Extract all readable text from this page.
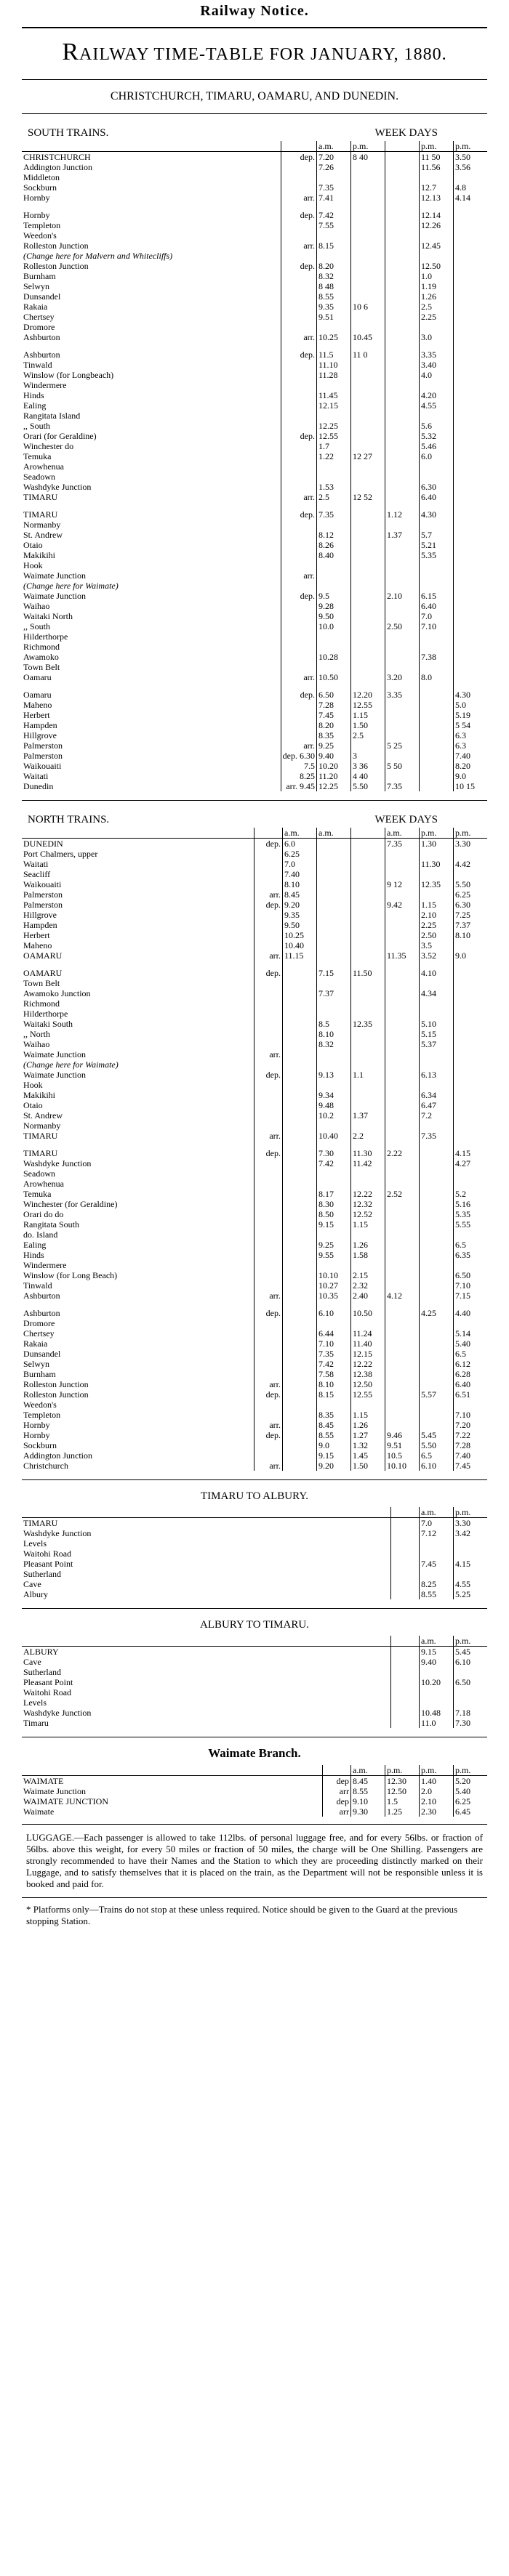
Railway Notice.
RAILWAY TIME-TABLE FOR JANUARY, 1880.
CHRISTCHURCH, TIMARU, OAMARU, AND DUNEDIN.
SOUTH TRAINS.	WEEK DAYS
		a.m.	p.m.		p.m.	p.m.
CHRISTCHURCH	dep.	7.20	8 40		11 50	3.50
Addington Junction		7.26			11.56	3.56
Middleton						
Sockburn		7.35			12.7	4.8
Hornby	arr.	7.41			12.13	4.14

Hornby	dep.	7.42			12.14	
Templeton		7.55			12.26	
Weedon's						
Rolleston Junction	arr.	8.15			12.45	
(Change here for Malvern and Whitecliffs)						
Rolleston Junction	dep.	8.20			12.50	
Burnham		8.32			1.0	
Selwyn		8 48			1.19	
Dunsandel		8.55			1.26	
Rakaia		9.35	10 6		2.5	
Chertsey		9.51			2.25	
Dromore						
Ashburton	arr.	10.25	10.45		3.0	

Ashburton	dep.	11.5	11 0		3.35	
Tinwald		11.10			3.40	
Winslow (for Longbeach)		11.28			4.0	
Windermere						
Hinds		11.45			4.20	
Ealing		12.15			4.55	
Rangitata Island						
,, South		12.25			5.6	
Orari (for Geraldine)	dep.	12.55			5.32	
Winchester do		1.7			5.46	
Temuka		1.22	12 27		6.0	
Arowhenua						
Seadown						
Washdyke Junction		1.53			6.30	
TIMARU	arr.	2.5	12 52		6.40	

TIMARU	dep.	7.35		1.12	4.30	
Normanby						
St. Andrew		8.12		1.37	5.7	
Otaio		8.26			5.21	
Makikihi		8.40			5.35	
Hook						
Waimate Junction	arr.					
(Change here for Waimate)						
Waimate Junction	dep.	9.5		2.10	6.15	
Waihao		9.28			6.40	
Waitaki North		9.50			7.0	
,, South		10.0		2.50	7.10	
Hilderthorpe						
Richmond						
Awamoko		10.28			7.38	
Town Belt						
Oamaru	arr.	10.50		3.20	8.0	

Oamaru	dep.	6.50	12.20	3.35		4.30
Maheno		7.28	12.55			5.0
Herbert		7.45	1.15			5.19
Hampden		8.20	1.50			5 54
Hillgrove		8.35	2.5			6.3
Palmerston	arr.	9.25		5 25		6.3
Palmerston	dep. 6.30	9.40	3			7.40
Waikouaiti	7.5	10.20	3 36	5 50		8.20
Waitati	8.25	11.20	4 40			9.0
Dunedin	arr. 9.45	12.25	5.50	7.35		10 15
NORTH TRAINS.	WEEK DAYS
		a.m.	a.m.		a.m.	p.m.	p.m.
DUNEDIN	dep.	6.0			7.35	1.30	3.30
Port Chalmers, upper		6.25					
Waitati		7.0				11.30	4.42
Seacliff		7.40					
Waikouaiti		8.10			9 12	12.35	5.50
Palmerston	arr.	8.45					6.25
Palmerston	dep.	9.20			9.42	1.15	6.30
Hillgrove		9.35				2.10	7.25
Hampden		9.50				2.25	7.37
Herbert		10.25				2.50	8.10
Maheno		10.40				3.5	
OAMARU	arr.	11.15			11.35	3.52	9.0

OAMARU	dep.		7.15	11.50		4.10	
Town Belt							
Awamoko Junction			7.37			4.34	
Richmond							
Hilderthorpe							
Waitaki South			8.5	12.35		5.10	
,, North			8.10			5.15	
Waihao			8.32			5.37	
Waimate Junction	arr.						
(Change here for Waimate)							
Waimate Junction	dep.		9.13	1.1		6.13	
Hook							
Makikihi			9.34			6.34	
Otaio			9.48			6.47	
St. Andrew			10.2	1.37		7.2	
Normanby							
TIMARU	arr.		10.40	2.2		7.35	

TIMARU	dep.		7.30	11.30	2.22		4.15
Washdyke Junction			7.42	11.42			4.27
Seadown							
Arowhenua							
Temuka			8.17	12.22	2.52		5.2
Winchester (for Geraldine)			8.30	12.32			5.16
Orari do do			8.50	12.52			5.35
Rangitata South			9.15	1.15			5.55
do. Island							
Ealing			9.25	1.26			6.5
Hinds			9.55	1.58			6.35
Windermere							
Winslow (for Long Beach)			10.10	2.15			6.50
Tinwald			10.27	2.32			7.10
Ashburton	arr.		10.35	2.40	4.12		7.15

Ashburton	dep.		6.10	10.50		4.25	4.40
Dromore							
Chertsey			6.44	11.24			5.14
Rakaia			7.10	11.40			5.40
Dunsandel			7.35	12.15			6.5
Selwyn			7.42	12.22			6.12
Burnham			7.58	12.38			6.28
Rolleston Junction	arr.		8.10	12.50			6.40
Rolleston Junction	dep.		8.15	12.55		5.57	6.51
Weedon's							
Templeton			8.35	1.15			7.10
Hornby	arr.		8.45	1.26			7.20
Hornby	dep.		8.55	1.27	9.46	5.45	7.22
Sockburn			9.0	1.32	9.51	5.50	7.28
Addington Junction			9.15	1.45	10.5	6.5	7.40
Christchurch	arr.		9.20	1.50	10.10	6.10	7.45
TIMARU TO ALBURY.
		a.m.	p.m.
TIMARU		7.0	3.30
Washdyke Junction		7.12	3.42
Levels			
Waitohi Road			
Pleasant Point		7.45	4.15
Sutherland			
Cave		8.25	4.55
Albury		8.55	5.25
ALBURY TO TIMARU.
		a.m.	p.m.
ALBURY		9.15	5.45
Cave		9.40	6.10
Sutherland			
Pleasant Point		10.20	6.50
Waitohi Road			
Levels			
Washdyke Junction		10.48	7.18
Timaru		11.0	7.30
Waimate Branch.
		a.m.	p.m.	p.m.	p.m.
WAIMATE	dep	8.45	12.30	1.40	5.20
Waimate Junction	arr	8.55	12.50	2.0	5.40
WAIMATE JUNCTION	dep	9.10	1.5	2.10	6.25
Waimate	arr	9.30	1.25	2.30	6.45
LUGGAGE.—Each passenger is allowed to take 112lbs. of personal luggage free, and for every 56lbs. or fraction of 56lbs. above this weight, for every 50 miles or fraction of 50 miles, the charge will be One Shilling. Passengers are strongly recommended to have their Names and the Station to which they are proceeding distinctly marked on their Luggage, and to satisfy themselves that it is placed on the train, as the Department will not be responsible unless it is booked and paid for.
* Platforms only—Trains do not stop at these unless required. Notice should be given to the Guard at the previous stopping Station.
